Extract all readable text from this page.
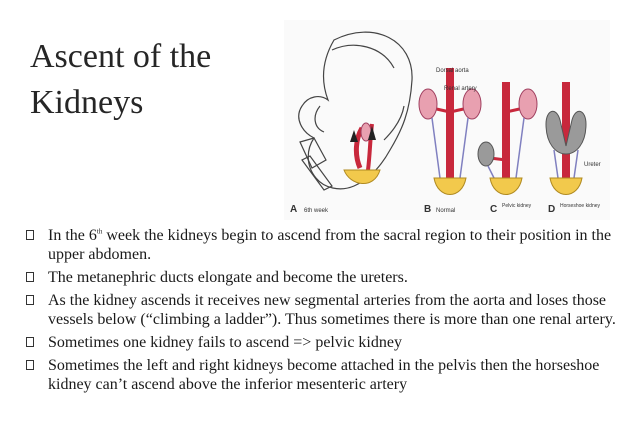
Ascent of the
Kidneys
A 6th week
Dorsal aorta
Renal artery
B Normal	C Pelvic kidney
Ureter
D Horseshoe kidney
In the 6th week the kidneys begin to ascend from the sacral region to their position in the upper abdomen.
The metanephric ducts elongate and become the ureters.
As the kidney ascends it receives new segmental arteries from the aorta and loses those vessels below (“climbing a ladder”). Thus sometimes there is more than one renal artery.
Sometimes one kidney fails to ascend => pelvic kidney
Sometimes the left and right kidneys become attached in the pelvis then the horseshoe kidney can’t ascend above the inferior mesenteric artery
